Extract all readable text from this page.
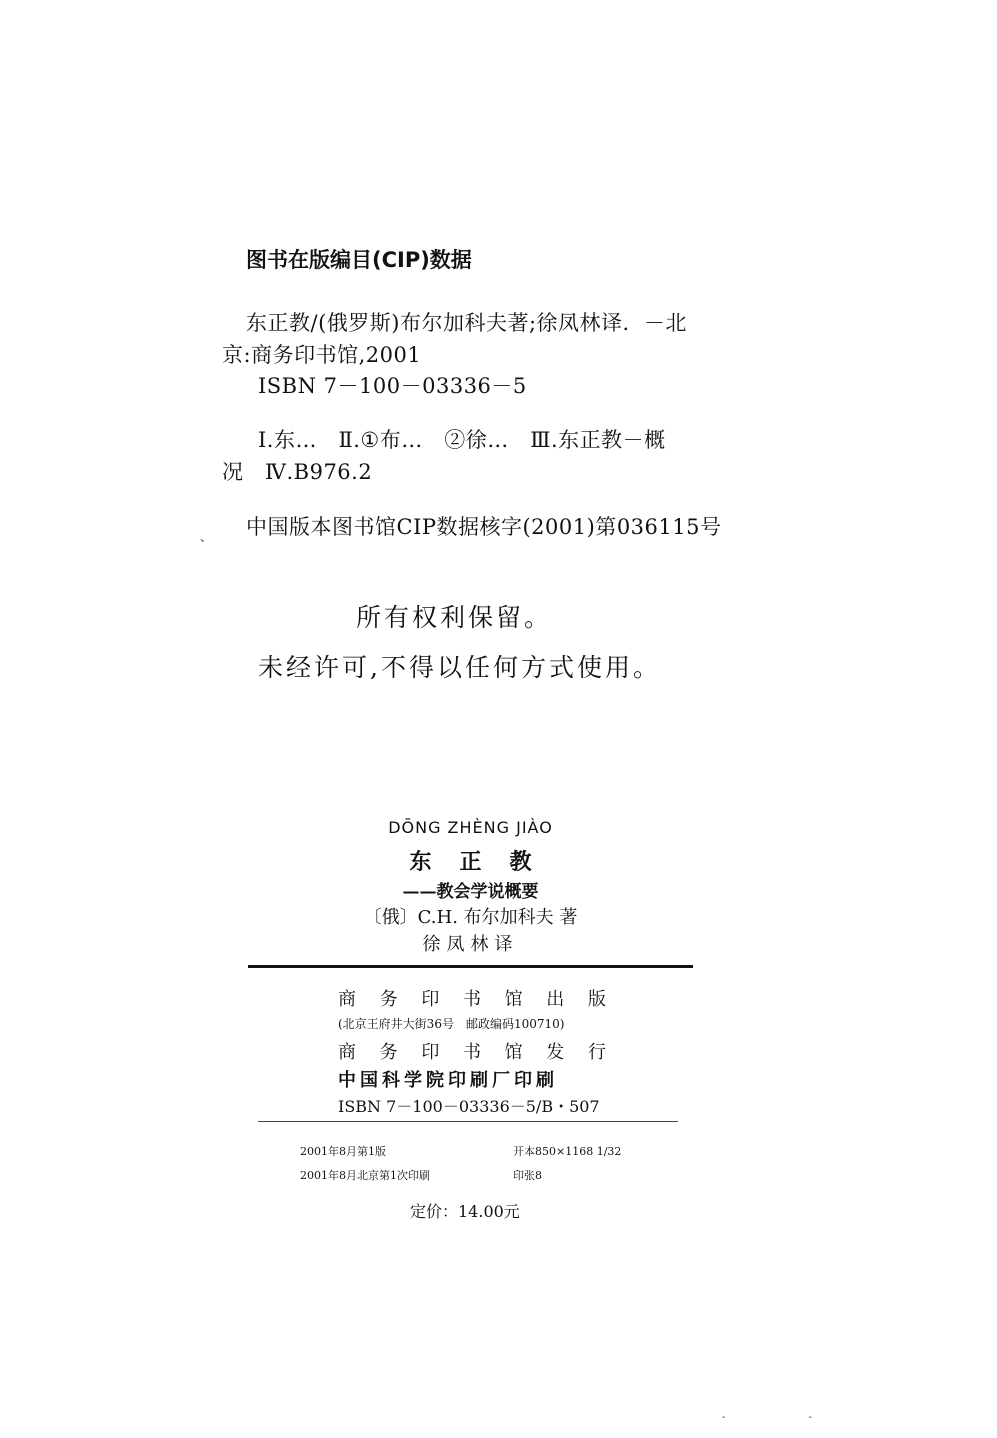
图书在版编目(CIP)数据
东正教/(俄罗斯)布尔加科夫著;徐凤林译．－北
京:商务印书馆,2001
ISBN 7－100－03336－5
Ⅰ.东…　Ⅱ.①布…　②徐…　Ⅲ.东正教－概
况　Ⅳ.B976.2
中国版本图书馆CIP数据核字(2001)第036115号
、
所有权利保留。
未经许可,不得以任何方式使用。
DŌNG ZHÈNG JIÀO
东正教
——教会学说概要
〔俄〕C.H. 布尔加科夫 著
徐凤林译
商 务 印 书 馆 出 版
(北京王府井大街36号　邮政编码100710)
商 务 印 书 馆 发 行
中国科学院印刷厂印刷
ISBN 7－100－03336－5/B・507
2001年8月第1版	开本850×1168 1/32
2001年8月北京第1次印刷	印张8
定价：14.00元
- -
